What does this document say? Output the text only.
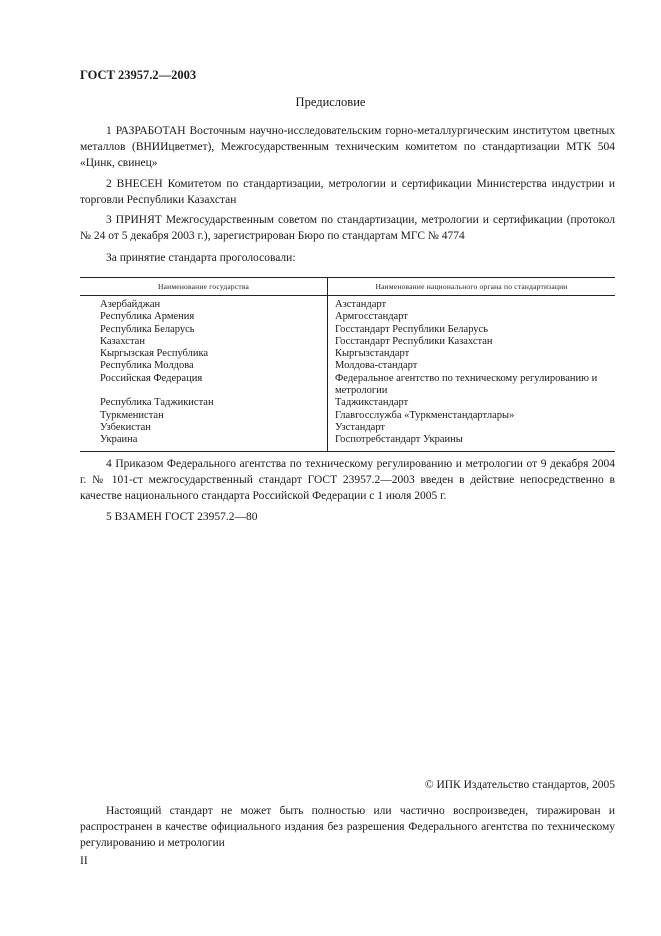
ГОСТ 23957.2—2003
Предисловие

1 РАЗРАБОТАН Восточным научно-исследовательским горно-металлургическим институтом цветных металлов (ВНИИцветмет), Межгосударственным техническим комитетом по стандартизации МТК 504 «Цинк, свинец»

2 ВНЕСЕН Комитетом по стандартизации, метрологии и сертификации Министерства индустрии и торговли Республики Казахстан

3 ПРИНЯТ Межгосударственным советом по стандартизации, метрологии и сертификации (протокол № 24 от 5 декабря 2003 г.), зарегистрирован Бюро по стандартам МГС № 4774

За принятие стандарта проголосовали:

Наименование государства	Наименование национального органа по стандартизации
Азербайджан	Азстандарт
Республика Армения	Армгосстандарт
Республика Беларусь	Госстандарт Республики Беларусь
Казахстан	Госстандарт Республики Казахстан
Кыргызская Республика	Кыргызстандарт
Республика Молдова	Молдова-стандарт
Российская Федерация	Федеральное агентство по техническому регулированию и метрологии
Республика Таджикистан	Таджикстандарт
Туркменистан	Главгосслужба «Туркменстандартлары»
Узбекистан	Узстандарт
Украина	Госпотребстандарт Украины

4 Приказом Федерального агентства по техническому регулированию и метрологии от 9 декабря 2004 г. № 101-ст межгосударственный стандарт ГОСТ 23957.2—2003 введен в действие непосредственно в качестве национального стандарта Российской Федерации с 1 июля 2005 г.

5 ВЗАМЕН ГОСТ 23957.2—80

© ИПК Издательство стандартов, 2005

Настоящий стандарт не может быть полностью или частично воспроизведен, тиражирован и распространен в качестве официального издания без разрешения Федерального агентства по техническому регулированию и метрологии

II
